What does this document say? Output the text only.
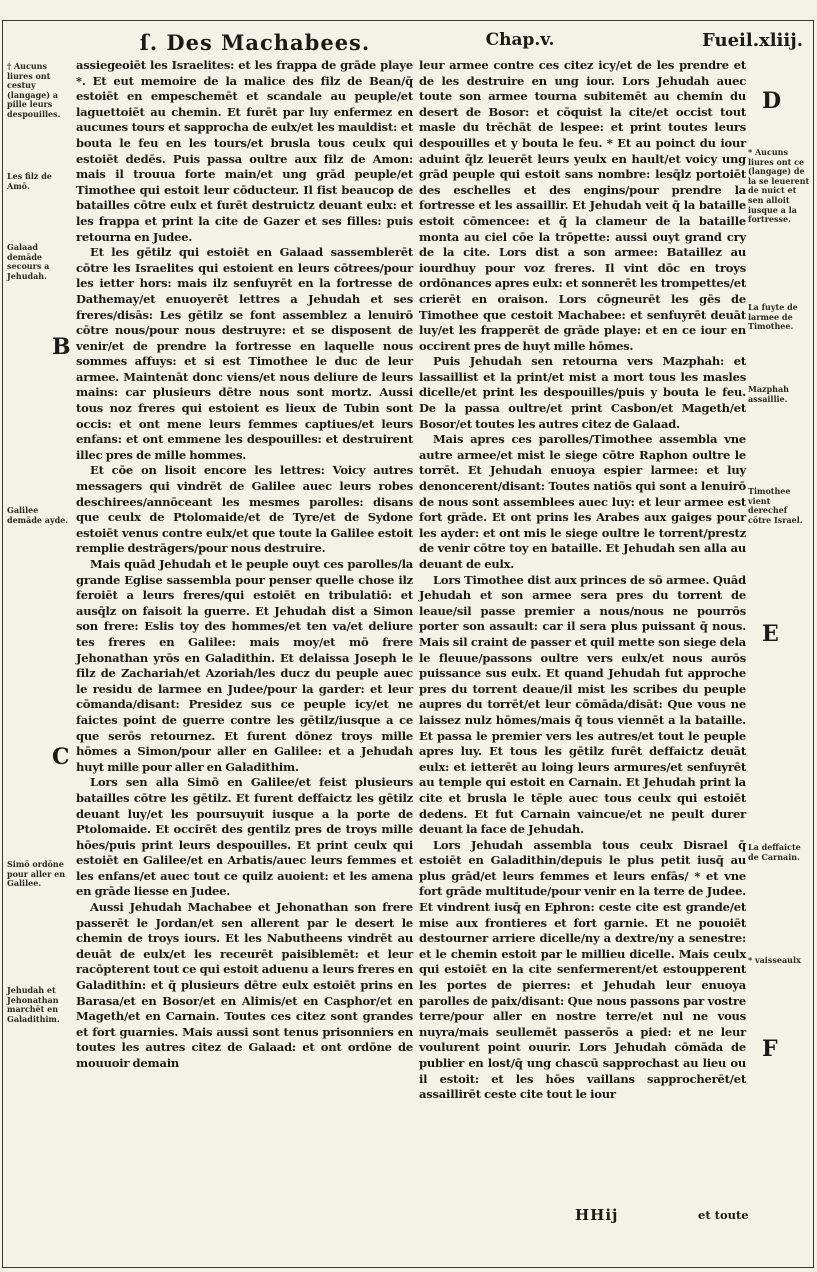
ſ. Des Machabees.	Chap.v.	Fueil.xliij.
† Aucuns liures ont cestuy (langage) a pille leurs despouilles.
Les filz de Amō.
Galaad demāde secours a Jehudah.
B
Galilee demāde ayde.
C
Simō ordōne pour aller en Galilee.
Jehudah et Jehonathan marchēt en Galadithim.
D
* Aucuns liures ont ce (langage) de la se leuerent de nuict et sen alloit iusque a la fortresse.
La fuyte de larmee de Timothee.
Mazphah assaillie.
Timothee vient derechef cōtre Israel.
E
La deffaicte de Carnain.
* vaisseaulx
F

assiegeoiēt les Israelites: et les frappa de grāde playe *. Et eut memoire de la malice des filz de Bean/q̄ estoiēt en empeschemēt et scandale au peuple/et laguettoiēt au chemin. Et furēt par luy enfermez en aucunes tours et sapprocha de eulx/et les mauldist: et bouta le feu en les tours/et brusla tous ceulx qui estoiēt dedēs. Puis passa oultre aux filz de Amon: mais il trouua forte main/et ung grād peuple/et Timothee qui estoit leur cōducteur. Il fist beaucop de batailles cōtre eulx et furēt destruictz deuant eulx: et les frappa et print la cite de Gazer et ses filles: puis retourna en Judee.

Et les gētilz qui estoiēt en Galaad sassemblerēt cōtre les Israelites qui estoient en leurs cōtrees/pour les ietter hors: mais ilz senfuyrēt en la fortresse de Dathemay/et enuoyerēt lettres a Jehudah et ses freres/disās: Les gētilz se font assemblez a lenuirō cōtre nous/pour nous destruyre: et se disposent de venir/et de prendre la fortresse en laquelle nous sommes affuys: et si est Timothee le duc de leur armee. Maintenāt donc viens/et nous deliure de leurs mains: car plusieurs dētre nous sont mortz. Aussi tous noz freres qui estoient es lieux de Tubin sont occis: et ont mene leurs femmes captiues/et leurs enfans: et ont emmene les despouilles: et destruirent illec pres de mille hommes.

Et cōe on lisoit encore les lettres: Voicy autres messagers qui vindrēt de Galilee auec leurs robes deschirees/annōceant les mesmes parolles: disans que ceulx de Ptolomaide/et de Tyre/et de Sydone estoiēt venus contre eulx/et que toute la Galilee estoit remplie destrāgers/pour nous destruire.

Mais quād Jehudah et le peuple ouyt ces parolles/la grande Eglise sassembla pour penser quelle chose ilz feroiēt a leurs freres/qui estoiēt en tribulatiō: et ausq̄lz on faisoit la guerre. Et Jehudah dist a Simon son frere: Eslis toy des hommes/et ten va/et deliure tes freres en Galilee: mais moy/et mō frere Jehonathan yrōs en Galadithin. Et delaissa Joseph le filz de Zachariah/et Azoriah/les ducz du peuple auec le residu de larmee en Judee/pour la garder: et leur cōmanda/disant: Presidez sus ce peuple icy/et ne faictes point de guerre contre les gētilz/iusque a ce que serōs retournez. Et furent dōnez troys mille hōmes a Simon/pour aller en Galilee: et a Jehudah huyt mille pour aller en Galadithim.

Lors sen alla Simō en Galilee/et feist plusieurs batailles cōtre les gētilz. Et furent deffaictz les gētilz deuant luy/et les poursuyuit iusque a la porte de Ptolomaide. Et occirēt des gentilz pres de troys mille hōes/puis print leurs despouilles. Et print ceulx qui estoiēt en Galilee/et en Arbatis/auec leurs femmes et les enfans/et auec tout ce quilz auoient: et les amena en grāde liesse en Judee.

Aussi Jehudah Machabee et Jehonathan son frere passerēt le Jordan/et sen allerent par le desert le chemin de troys iours. Et les Nabutheens vindrēt au deuāt de eulx/et les receurēt paisiblemēt: et leur racōpterent tout ce qui estoit aduenu a leurs freres en Galadithin: et q̄ plusieurs dētre eulx estoiēt prins en Barasa/et en Bosor/et en Alimis/et en Casphor/et en Mageth/et en Carnain. Toutes ces citez sont grandes et fort guarnies. Mais aussi sont tenus prisonniers en toutes les autres citez de Galaad: et ont ordōne de mouuoir demain

leur armee contre ces citez icy/et de les prendre et de les destruire en ung iour. Lors Jehudah auec toute son armee tourna subitemēt au chemin du desert de Bosor: et cōquist la cite/et occist tout masle du trēchāt de lespee: et print toutes leurs despouilles et y bouta le feu. * Et au poinct du iour aduint q̄lz leuerēt leurs yeulx en hault/et voicy ung grād peuple qui estoit sans nombre: lesq̄lz portoiēt des eschelles et des engins/pour prendre la fortresse et les assaillir. Et Jehudah veit q̄ la bataille estoit cōmencee: et q̄ la clameur de la bataille monta au ciel cōe la trōpette: aussi ouyt grand cry de la cite. Lors dist a son armee: Bataillez au iourdhuy pour voz freres. Il vint dōc en troys ordōnances apres eulx: et sonnerēt les trompettes/et crierēt en oraison. Lors cōgneurēt les gēs de Timothee que cestoit Machabee: et senfuyrēt deuāt luy/et les frapperēt de grāde playe: et en ce iour en occirent pres de huyt mille hōmes.

Puis Jehudah sen retourna vers Mazphah: et lassaillist et la print/et mist a mort tous les masles dicelle/et print les despouilles/puis y bouta le feu. De la passa oultre/et print Casbon/et Mageth/et Bosor/et toutes les autres citez de Galaad.

Mais apres ces parolles/Timothee assembla vne autre armee/et mist le siege cōtre Raphon oultre le torrēt. Et Jehudah enuoya espier larmee: et luy denoncerent/disant: Toutes natiōs qui sont a lenuirō de nous sont assemblees auec luy: et leur armee est fort grāde. Et ont prins les Arabes aux gaiges pour les ayder: et ont mis le siege oultre le torrent/prestz de venir cōtre toy en bataille. Et Jehudah sen alla au deuant de eulx.

Lors Timothee dist aux princes de sō armee. Quād Jehudah et son armee sera pres du torrent de leaue/sil passe premier a nous/nous ne pourrōs porter son assault: car il sera plus puissant q̄ nous. Mais sil craint de passer et quil mette son siege dela le fleuue/passons oultre vers eulx/et nous aurōs puissance sus eulx. Et quand Jehudah fut approche pres du torrent deaue/il mist les scribes du peuple aupres du torrēt/et leur cōmāda/disāt: Que vous ne laissez nulz hōmes/mais q̄ tous viennēt a la bataille. Et passa le premier vers les autres/et tout le peuple apres luy. Et tous les gētilz furēt deffaictz deuāt eulx: et ietterēt au loing leurs armures/et senfuyrēt au temple qui estoit en Carnain. Et Jehudah print la cite et brusla le tēple auec tous ceulx qui estoiēt dedens. Et fut Carnain vaincue/et ne peult durer deuant la face de Jehudah.

Lors Jehudah assembla tous ceulx Disrael q̄ estoiēt en Galadithin/depuis le plus petit iusq̄ au plus grād/et leurs femmes et leurs enfās/ * et vne fort grāde multitude/pour venir en la terre de Judee. Et vindrent iusq̄ en Ephron: ceste cite est grande/et mise aux frontieres et fort garnie. Et ne pouoiēt destourner arriere dicelle/ny a dextre/ny a senestre: et le chemin estoit par le millieu dicelle. Mais ceulx qui estoiēt en la cite senfermerent/et estoupperent les portes de pierres: et Jehudah leur enuoya parolles de paix/disant: Que nous passons par vostre terre/pour aller en nostre terre/et nul ne vous nuyra/mais seullemēt passerōs a pied: et ne leur voulurent point ouurir. Lors Jehudah cōmāda de publier en lost/q̄ ung chascū sapprochast au lieu ou il estoit: et les hōes vaillans sapprocherēt/et assaillirēt ceste cite tout le iour

HHij	et toute
